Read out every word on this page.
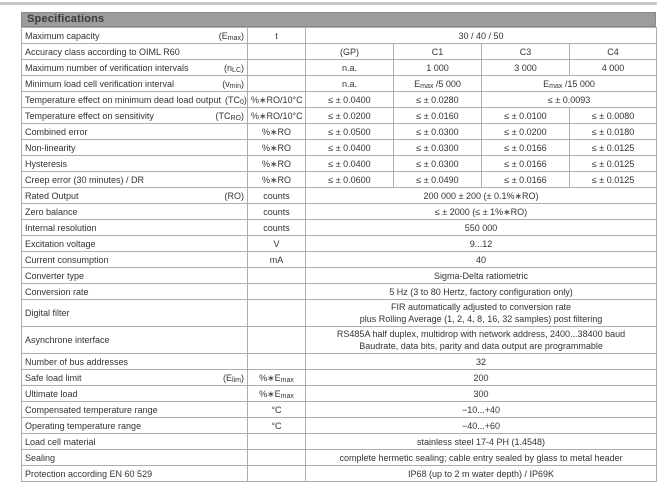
Specifications
Maximum capacity $(E_{max})$	t	30 / 40 / 50			

Accuracy class according to OIML R60		(GP)	C1	C3	C4

Maximum number of verification intervals $(n_{LC})$		n.a.	1 000	3 000	4 000

Minimum load cell verification interval $(v_{min})$		n.a.	$E_{max}$ /5 000	$E_{max}$ /15 000	

Temperature effect on minimum dead load output $(TC_0)$	%∗RO/10°C	≤ ± 0.0400	≤ ± 0.0280	≤ ± 0.0093	

Temperature effect on sensitivity $(TC_{RO})$	%∗RO/10°C	≤ ± 0.0200	≤ ± 0.0160	≤ ± 0.0100	≤ ± 0.0080

Combined error	%∗RO	≤ ± 0.0500	≤ ± 0.0300	≤ ± 0.0200	≤ ± 0.0180

Non-linearity	%∗RO	≤ ± 0.0400	≤ ± 0.0300	≤ ± 0.0166	≤ ± 0.0125

Hysteresis	%∗RO	≤ ± 0.0400	≤ ± 0.0300	≤ ± 0.0166	≤ ± 0.0125

Creep error (30 minutes) / DR	%∗RO	≤ ± 0.0600	≤ ± 0.0490	≤ ± 0.0166	≤ ± 0.0125

Rated Output (RO)	counts	200 000 ± 200 (± 0.1%∗RO)			

Zero balance	counts	≤ ± 2000 (≤ ± 1%∗RO)			

Internal resolution	counts	550 000			

Excitation voltage	V	9...12			

Current consumption	mA	40			

Converter type		Sigma-Delta ratiometric			

Conversion rate		5 Hz (3 to 80 Hertz, factory configuration only)			

Digital filter		FIR automatically adjusted to conversion rate
plus Rolling Average (1, 2, 4, 8, 16, 32 samples) post filtering			

Asynchrone interface		RS485A half duplex, multidrop with network address, 2400...38400 baud
Baudrate, data bits, parity and data output are programmable			

Number of bus addresses		32			

Safe load limit $(E_{lim})$	$\%∗E_{max}$	200			

Ultimate load	$\%∗E_{max}$	300			

Compensated temperature range	°C	−10...+40			

Operating temperature range	°C	−40...+60			

Load cell material		stainless steel 17-4 PH (1.4548)			

Sealing		complete hermetic sealing; cable entry sealed by glass to metal header			

Protection according EN 60 529		IP68 (up to 2 m water depth) / IP69K			
